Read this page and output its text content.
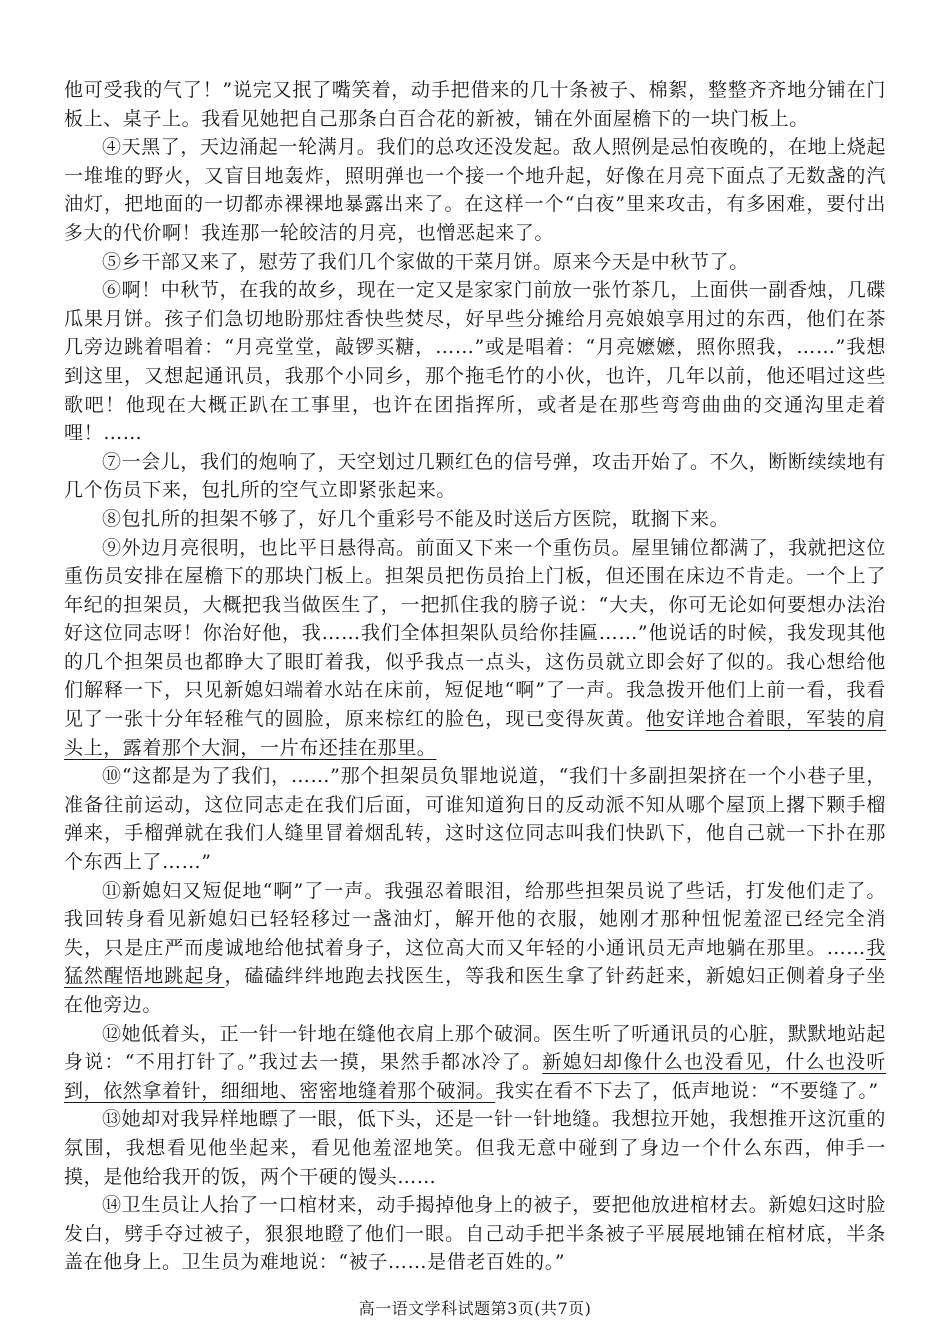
他可受我的气了！”说完又抿了嘴笑着，动手把借来的几十条被子、棉絮，整整齐齐地分铺在门板上、桌子上。我看见她把自己那条白百合花的新被，铺在外面屋檐下的一块门板上。

④天黑了，天边涌起一轮满月。我们的总攻还没发起。敌人照例是忌怕夜晚的，在地上烧起一堆堆的野火，又盲目地轰炸，照明弹也一个接一个地升起，好像在月亮下面点了无数盏的汽油灯，把地面的一切都赤裸裸地暴露出来了。在这样一个“白夜”里来攻击，有多困难，要付出多大的代价啊！我连那一轮皎洁的月亮，也憎恶起来了。

⑤乡干部又来了，慰劳了我们几个家做的干菜月饼。原来今天是中秋节了。

⑥啊！中秋节，在我的故乡，现在一定又是家家门前放一张竹茶几，上面供一副香烛，几碟瓜果月饼。孩子们急切地盼那炷香快些焚尽，好早些分摊给月亮娘娘享用过的东西，他们在茶几旁边跳着唱着：“月亮堂堂，敲锣买糖，……”或是唱着：“月亮嬷嬷，照你照我，……”我想到这里，又想起通讯员，我那个小同乡，那个拖毛竹的小伙，也许，几年以前，他还唱过这些歌吧！他现在大概正趴在工事里，也许在团指挥所，或者是在那些弯弯曲曲的交通沟里走着哩！……

⑦一会儿，我们的炮响了，天空划过几颗红色的信号弹，攻击开始了。不久，断断续续地有几个伤员下来，包扎所的空气立即紧张起来。

⑧包扎所的担架不够了，好几个重彩号不能及时送后方医院，耽搁下来。

⑨外边月亮很明，也比平日悬得高。前面又下来一个重伤员。屋里铺位都满了，我就把这位重伤员安排在屋檐下的那块门板上。担架员把伤员抬上门板，但还围在床边不肯走。一个上了年纪的担架员，大概把我当做医生了，一把抓住我的膀子说：“大夫，你可无论如何要想办法治好这位同志呀！你治好他，我……我们全体担架队员给你挂匾……”他说话的时候，我发现其他的几个担架员也都睁大了眼盯着我，似乎我点一点头，这伤员就立即会好了似的。我心想给他们解释一下，只见新媳妇端着水站在床前，短促地“啊”了一声。我急拨开他们上前一看，我看见了一张十分年轻稚气的圆脸，原来棕红的脸色，现已变得灰黄。他安详地合着眼，军装的肩头上，露着那个大洞，一片布还挂在那里。

⑩“这都是为了我们，……”那个担架员负罪地说道，“我们十多副担架挤在一个小巷子里，准备往前运动，这位同志走在我们后面，可谁知道狗日的反动派不知从哪个屋顶上撂下颗手榴弹来，手榴弹就在我们人缝里冒着烟乱转，这时这位同志叫我们快趴下，他自己就一下扑在那个东西上了……”

⑪新媳妇又短促地“啊”了一声。我强忍着眼泪，给那些担架员说了些话，打发他们走了。我回转身看见新媳妇已轻轻移过一盏油灯，解开他的衣服，她刚才那种忸怩羞涩已经完全消失，只是庄严而虔诚地给他拭着身子，这位高大而又年轻的小通讯员无声地躺在那里。……我猛然醒悟地跳起身，磕磕绊绊地跑去找医生，等我和医生拿了针药赶来，新媳妇正侧着身子坐在他旁边。

⑫她低着头，正一针一针地在缝他衣肩上那个破洞。医生听了听通讯员的心脏，默默地站起身说：“不用打针了。”我过去一摸，果然手都冰冷了。新媳妇却像什么也没看见，什么也没听到，依然拿着针，细细地、密密地缝着那个破洞。我实在看不下去了，低声地说：“不要缝了。”

⑬她却对我异样地瞟了一眼，低下头，还是一针一针地缝。我想拉开她，我想推开这沉重的氛围，我想看见他坐起来，看见他羞涩地笑。但我无意中碰到了身边一个什么东西，伸手一摸，是他给我开的饭，两个干硬的馒头……

⑭卫生员让人抬了一口棺材来，动手揭掉他身上的被子，要把他放进棺材去。新媳妇这时脸发白，劈手夺过被子，狠狠地瞪了他们一眼。自己动手把半条被子平展展地铺在棺材底，半条盖在他身上。卫生员为难地说：“被子……是借老百姓的。”

高一语文学科试题第3页(共7页)
